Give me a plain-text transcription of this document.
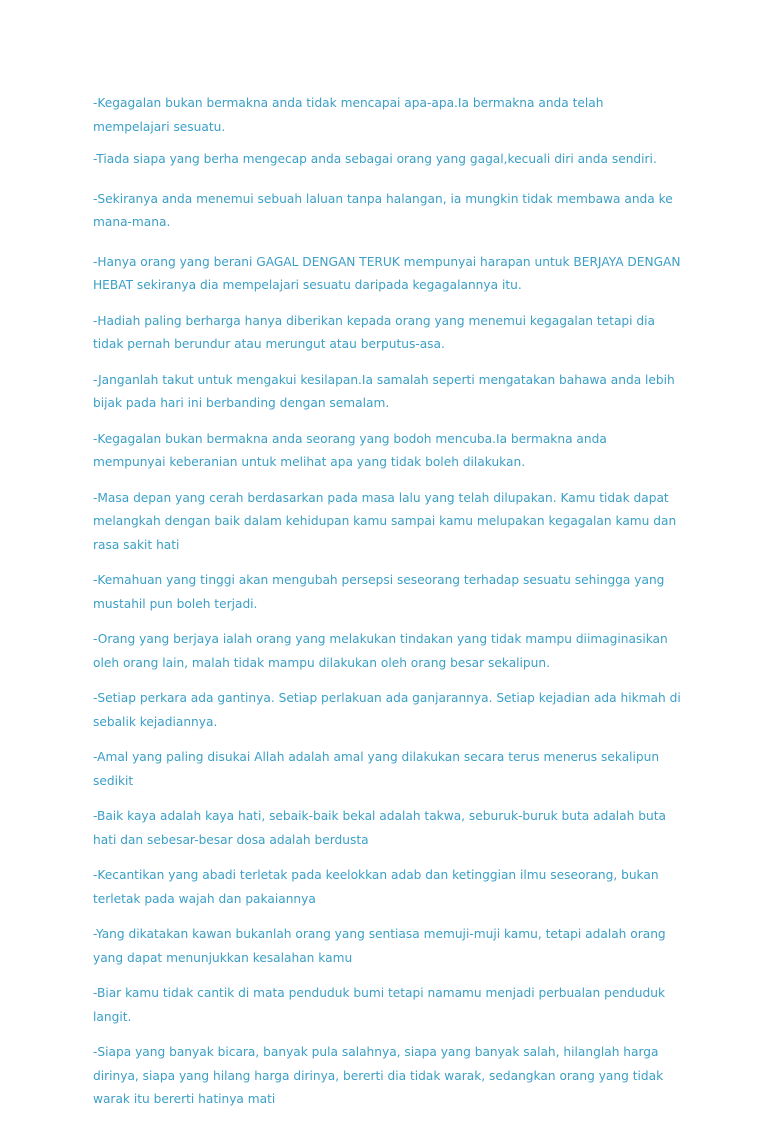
-Kegagalan bukan bermakna anda tidak mencapai apa-apa.Ia bermakna anda telah mempelajari sesuatu.
-Tiada siapa yang berha mengecap anda sebagai orang yang gagal,kecuali diri anda sendiri.
-Sekiranya anda menemui sebuah laluan tanpa halangan, ia mungkin tidak membawa anda ke mana-mana.
-Hanya orang yang berani GAGAL DENGAN TERUK mempunyai harapan untuk BERJAYA DENGAN HEBAT sekiranya dia mempelajari sesuatu daripada kegagalannya itu.
-Hadiah paling berharga hanya diberikan kepada orang yang menemui kegagalan tetapi dia tidak pernah berundur atau merungut atau berputus-asa.
-Janganlah takut untuk mengakui kesilapan.Ia samalah seperti mengatakan bahawa anda lebih bijak pada hari ini berbanding dengan semalam.
-Kegagalan bukan bermakna anda seorang yang bodoh mencuba.Ia bermakna anda mempunyai keberanian untuk melihat apa yang tidak boleh dilakukan.
-Masa depan yang cerah berdasarkan pada masa lalu yang telah dilupakan. Kamu tidak dapat melangkah dengan baik dalam kehidupan kamu sampai kamu melupakan kegagalan kamu dan rasa sakit hati
-Kemahuan yang tinggi akan mengubah persepsi seseorang terhadap sesuatu sehingga yang mustahil pun boleh terjadi.
-Orang yang berjaya ialah orang yang melakukan tindakan yang tidak mampu diimaginasikan oleh orang lain, malah tidak mampu dilakukan oleh orang besar sekalipun.
-Setiap perkara ada gantinya. Setiap perlakuan ada ganjarannya. Setiap kejadian ada hikmah di sebalik kejadiannya.
-Amal yang paling disukai Allah adalah amal yang dilakukan secara terus menerus sekalipun sedikit
-Baik kaya adalah kaya hati, sebaik-baik bekal adalah takwa, seburuk-buruk buta adalah buta hati dan sebesar-besar dosa adalah berdusta
-Kecantikan yang abadi terletak pada keelokkan adab dan ketinggian ilmu seseorang, bukan terletak pada wajah dan pakaiannya
-Yang dikatakan kawan bukanlah orang yang sentiasa memuji-muji kamu, tetapi adalah orang yang dapat menunjukkan kesalahan kamu
-Biar kamu tidak cantik di mata penduduk bumi tetapi namamu menjadi perbualan penduduk langit.
-Siapa yang banyak bicara, banyak pula salahnya, siapa yang banyak salah, hilanglah harga dirinya, siapa yang hilang harga dirinya, bererti dia tidak warak, sedangkan orang yang tidak warak itu bererti hatinya mati
